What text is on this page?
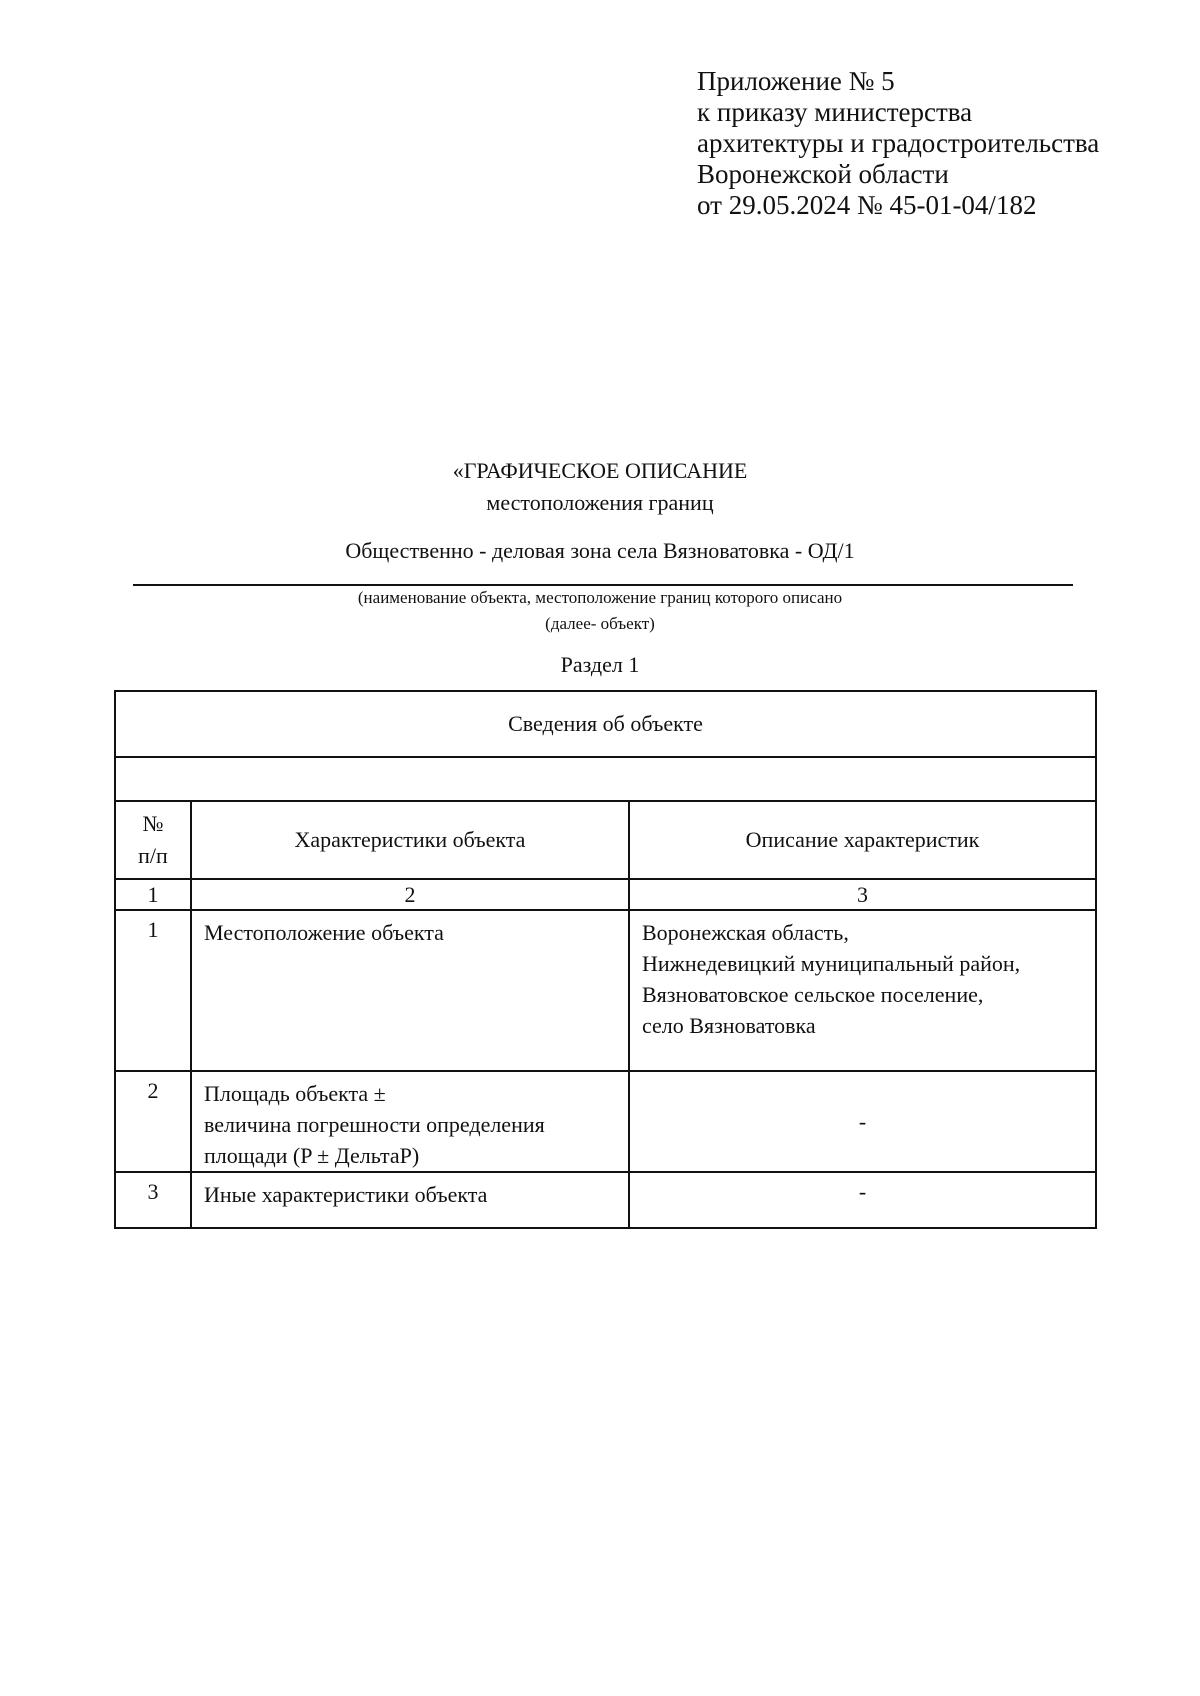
Приложение № 5
к приказу министерства
архитектуры и градостроительства
Воронежской области
от 29.05.2024 № 45-01-04/182
«ГРАФИЧЕСКОЕ ОПИСАНИЕ
местоположения границ
Общественно - деловая зона села Вязноватовка - ОД/1
(наименование объекта, местоположение границ которого описано
(далее- объект)
Раздел 1
Сведения об объекте		

№
п/п	Характеристики объекта	Описание характеристик
1	2	3
1	Местоположение объекта	Воронежская область,
Нижнедевицкий муниципальный район,
Вязноватовское сельское поселение,
село Вязноватовка

2	Площадь объекта ±
величина погрешности определения
площади (P ± ДельтаP)	-
3	Иные характеристики объекта	-
